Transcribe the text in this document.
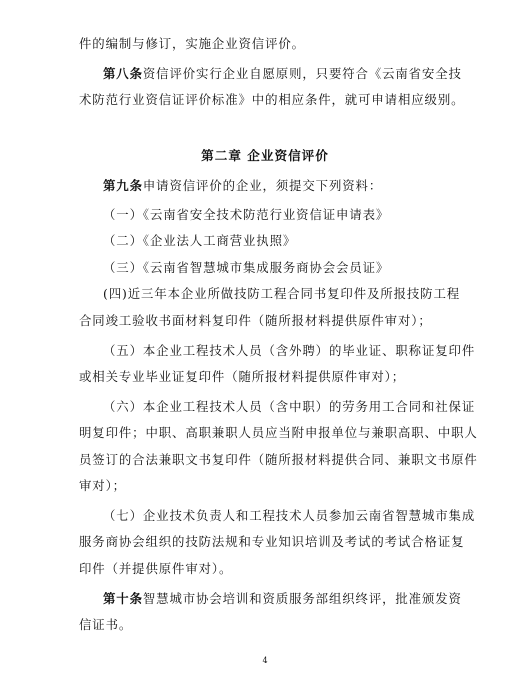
件的编制与修订，实施企业资信评价。
第八条资信评价实行企业自愿原则，只要符合《云南省安全技
术防范行业资信证评价标准》中的相应条件，就可申请相应级别。
第二章 企业资信评价
第九条申请资信评价的企业，须提交下列资料：
（一）《云南省安全技术防范行业资信证申请表》
（二）《企业法人工商营业执照》
（三）《云南省智慧城市集成服务商协会会员证》
(四)近三年本企业所做技防工程合同书复印件及所报技防工程
合同竣工验收书面材料复印件（随所报材料提供原件审对）；
（五）本企业工程技术人员（含外聘）的毕业证、职称证复印件
或相关专业毕业证复印件（随所报材料提供原件审对）；
（六）本企业工程技术人员（含中职）的劳务用工合同和社保证
明复印件；中职、高职兼职人员应当附申报单位与兼职高职、中职人
员签订的合法兼职文书复印件（随所报材料提供合同、兼职文书原件
审对）；
（七）企业技术负责人和工程技术人员参加云南省智慧城市集成
服务商协会组织的技防法规和专业知识培训及考试的考试合格证复
印件（并提供原件审对）。
第十条智慧城市协会培训和资质服务部组织终评，批准颁发资
信证书。
4
